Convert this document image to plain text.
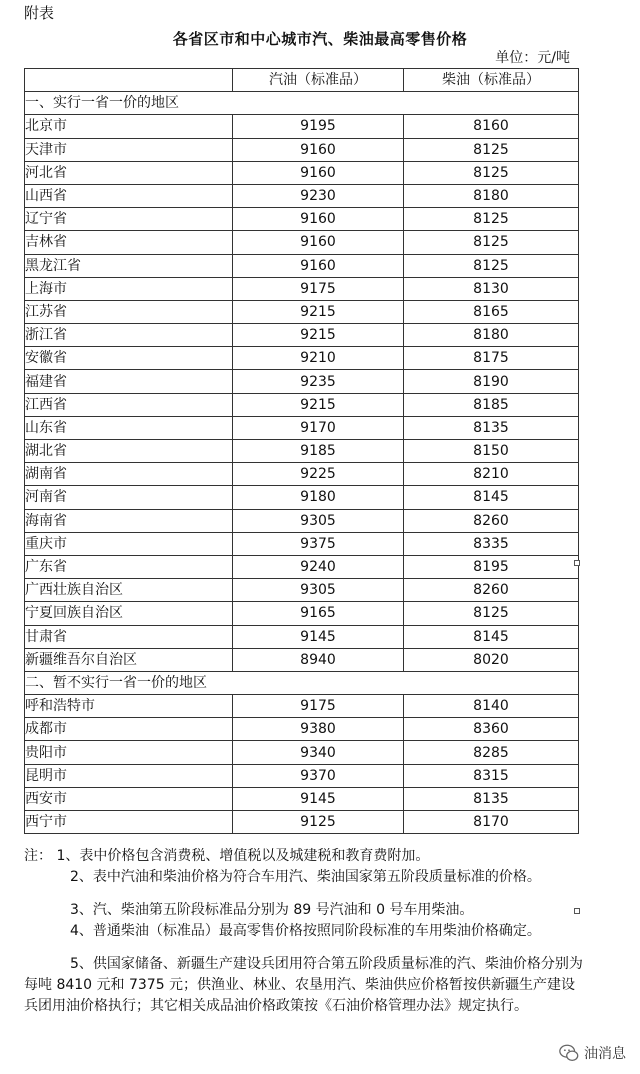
附表
各省区市和中心城市汽、柴油最高零售价格
单位：元/吨
	汽油（标准品）	柴油（标准品）
一、实行一省一价的地区		
北京市	9195	8160
天津市	9160	8125
河北省	9160	8125
山西省	9230	8180
辽宁省	9160	8125
吉林省	9160	8125
黑龙江省	9160	8125
上海市	9175	8130
江苏省	9215	8165
浙江省	9215	8180
安徽省	9210	8175
福建省	9235	8190
江西省	9215	8185
山东省	9170	8135
湖北省	9185	8150
湖南省	9225	8210
河南省	9180	8145
海南省	9305	8260
重庆市	9375	8335
广东省	9240	8195
广西壮族自治区	9305	8260
宁夏回族自治区	9165	8125
甘肃省	9145	8145
新疆维吾尔自治区	8940	8020
二、暂不实行一省一价的地区		
呼和浩特市	9175	8140
成都市	9380	8360
贵阳市	9340	8285
昆明市	9370	8315
西安市	9145	8135
西宁市	9125	8170

注： 1、表中价格包含消费税、增值税以及城建税和教育费附加。

2、表中汽油和柴油价格为符合车用汽、柴油国家第五阶段质量标准的价格。

3、汽、柴油第五阶段标准品分别为 89 号汽油和 0 号车用柴油。

4、普通柴油（标准品）最高零售价格按照同阶段标准的车用柴油价格确定。

5、供国家储备、新疆生产建设兵团用符合第五阶段质量标准的汽、柴油价格分别为每吨 8410 元和 7375 元；供渔业、林业、农垦用汽、柴油供应价格暂按供新疆生产建设兵团用油价格执行；其它相关成品油价格政策按《石油价格管理办法》规定执行。

油消息
